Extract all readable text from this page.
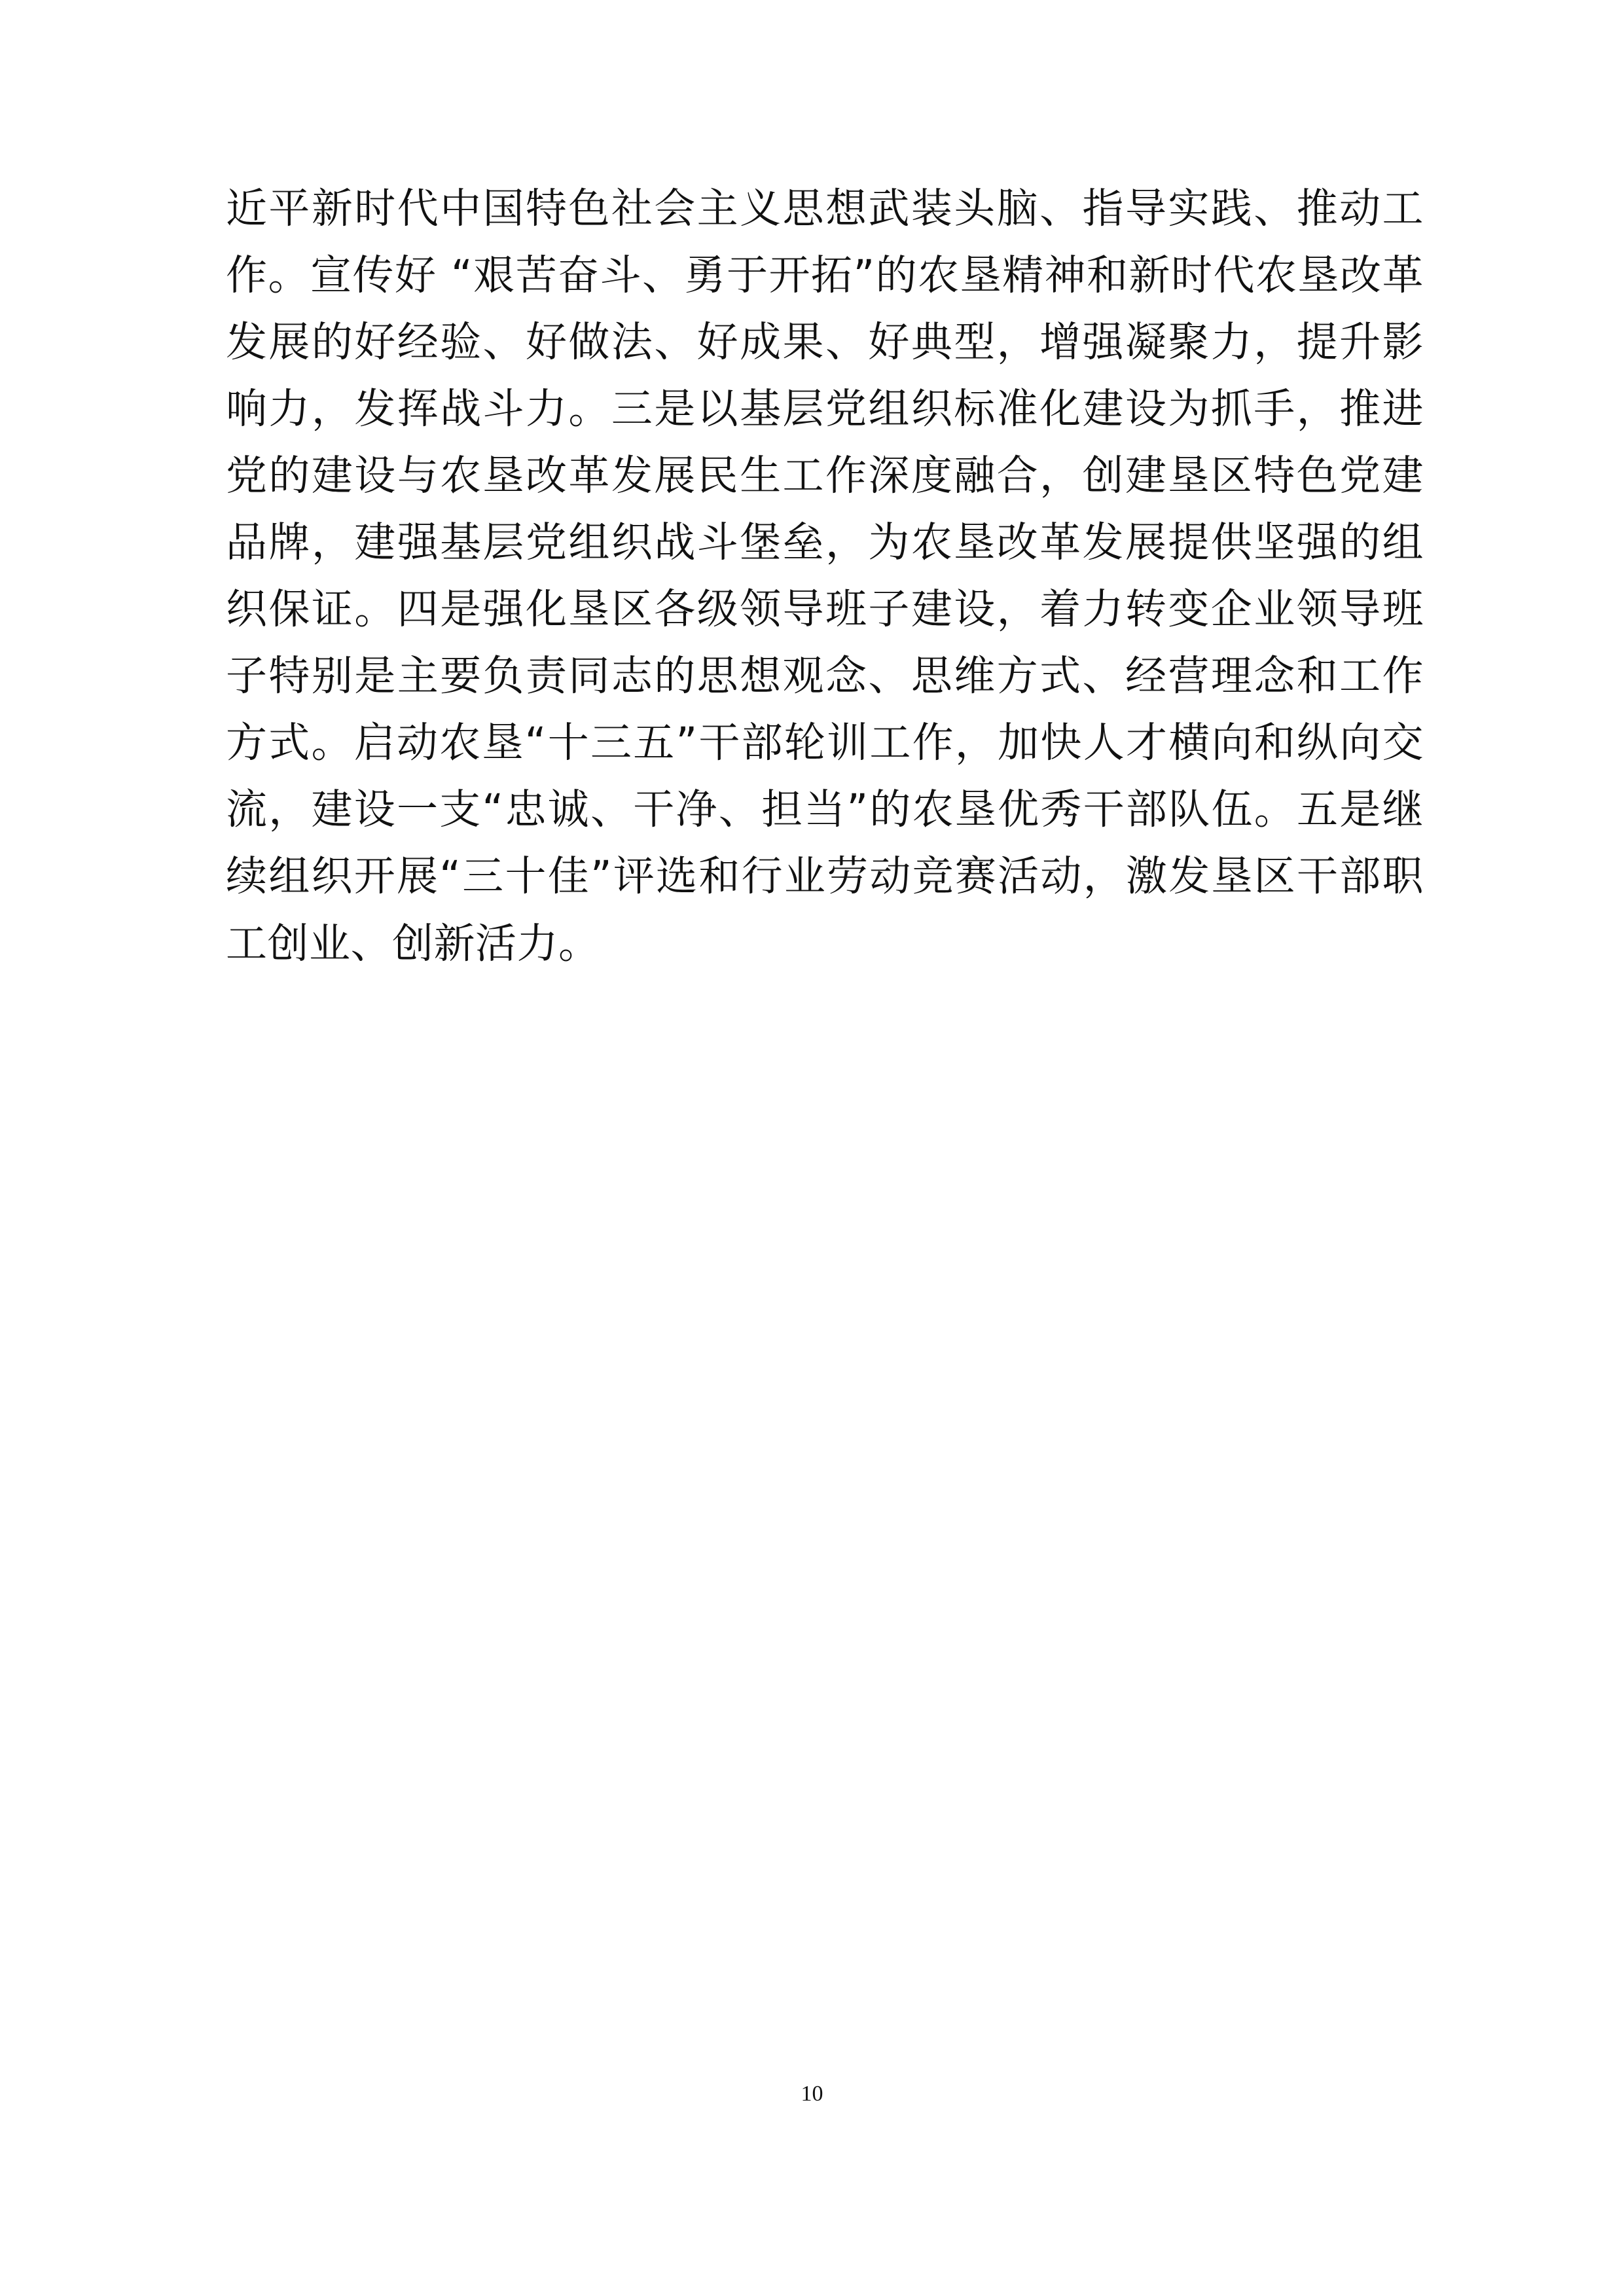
近平新时代中国特色社会主义思想武装头脑、指导实践、推动工作。宣传好 “艰苦奋斗、勇于开拓”的农垦精神和新时代农垦改革发展的好经验、好做法、好成果、好典型，增强凝聚力，提升影响力，发挥战斗力。三是以基层党组织标准化建设为抓手，推进党的建设与农垦改革发展民生工作深度融合，创建垦区特色党建品牌，建强基层党组织战斗堡垒，为农垦改革发展提供坚强的组织保证。四是强化垦区各级领导班子建设，着力转变企业领导班子特别是主要负责同志的思想观念、思维方式、经营理念和工作方式。启动农垦“十三五”干部轮训工作，加快人才横向和纵向交流，建设一支“忠诚、干净、担当”的农垦优秀干部队伍。五是继续组织开展“三十佳”评选和行业劳动竞赛活动，激发垦区干部职工创业、创新活力。

10
